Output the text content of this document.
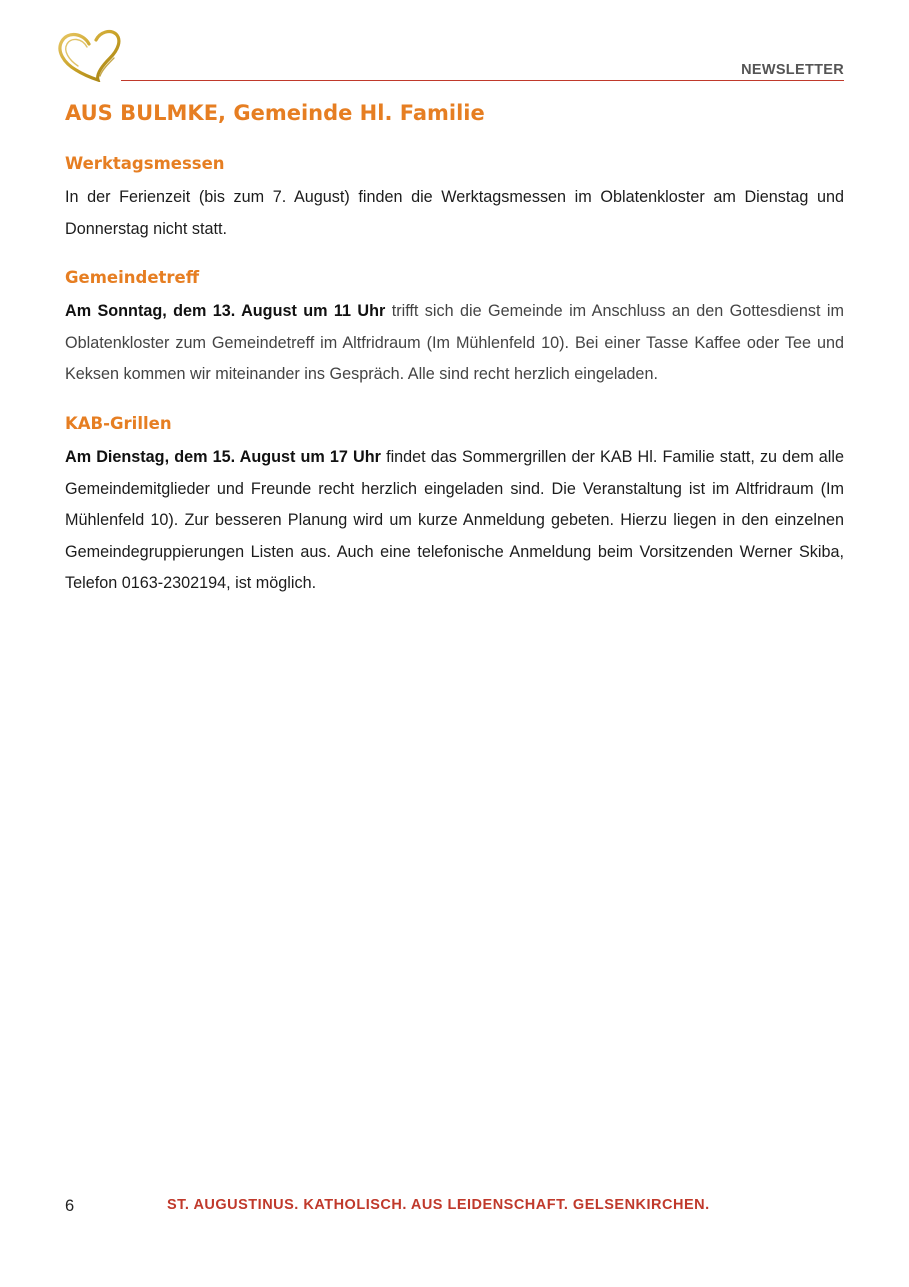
NEWSLETTER
AUS BULMKE, Gemeinde Hl. Familie
Werktagsmessen

In der Ferienzeit (bis zum 7. August) finden die Werktagsmessen im Oblatenkloster am Dienstag und Donnerstag nicht statt.

Gemeindetreff

Am Sonntag, dem 13. August um 11 Uhr trifft sich die Gemeinde im Anschluss an den Gottesdienst im Oblatenkloster zum Gemeindetreff im Altfridraum (Im Mühlenfeld 10). Bei einer Tasse Kaffee oder Tee und Keksen kommen wir miteinander ins Gespräch. Alle sind recht herzlich eingeladen.

KAB-Grillen

Am Dienstag, dem 15. August um 17 Uhr findet das Sommergrillen der KAB Hl. Familie statt, zu dem alle Gemeindemitglieder und Freunde recht herzlich eingeladen sind. Die Veranstaltung ist im Altfridraum (Im Mühlenfeld 10). Zur besseren Planung wird um kurze Anmeldung gebeten. Hierzu liegen in den einzelnen Gemeindegruppierungen Listen aus. Auch eine telefonische Anmeldung beim Vorsitzenden Werner Skiba, Telefon 0163-2302194, ist möglich.

6	ST. AUGUSTINUS. KATHOLISCH. AUS LEIDENSCHAFT. GELSENKIRCHEN.
